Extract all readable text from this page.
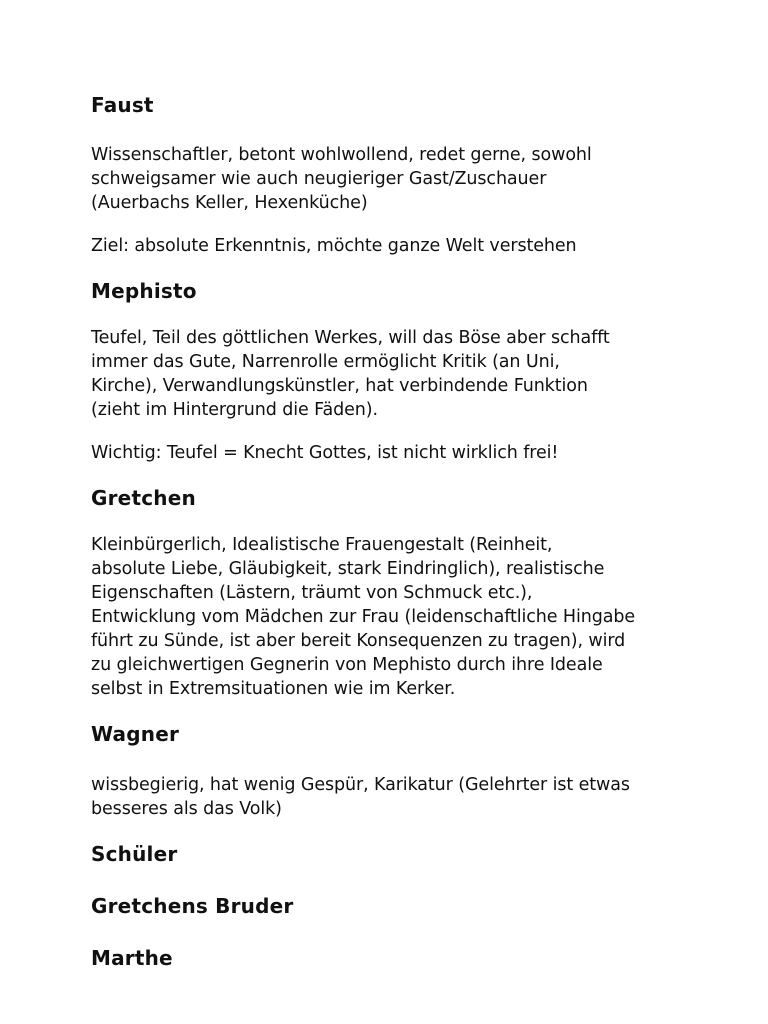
Faust

Wissenschaftler, betont wohlwollend, redet gerne, sowohl
schweigsamer wie auch neugieriger Gast/Zuschauer
(Auerbachs Keller, Hexenküche)

Ziel: absolute Erkenntnis, möchte ganze Welt verstehen

Mephisto

Teufel, Teil des göttlichen Werkes, will das Böse aber schafft
immer das Gute, Narrenrolle ermöglicht Kritik (an Uni,
Kirche), Verwandlungskünstler, hat verbindende Funktion
(zieht im Hintergrund die Fäden).

Wichtig: Teufel = Knecht Gottes, ist nicht wirklich frei!

Gretchen

Kleinbürgerlich, Idealistische Frauengestalt (Reinheit,
absolute Liebe, Gläubigkeit, stark Eindringlich), realistische
Eigenschaften (Lästern, träumt von Schmuck etc.),
Entwicklung vom Mädchen zur Frau (leidenschaftliche Hingabe
führt zu Sünde, ist aber bereit Konsequenzen zu tragen), wird
zu gleichwertigen Gegnerin von Mephisto durch ihre Ideale
selbst in Extremsituationen wie im Kerker.

Wagner

wissbegierig, hat wenig Gespür, Karikatur (Gelehrter ist etwas
besseres als das Volk)

Schüler
Gretchens Bruder
Marthe
